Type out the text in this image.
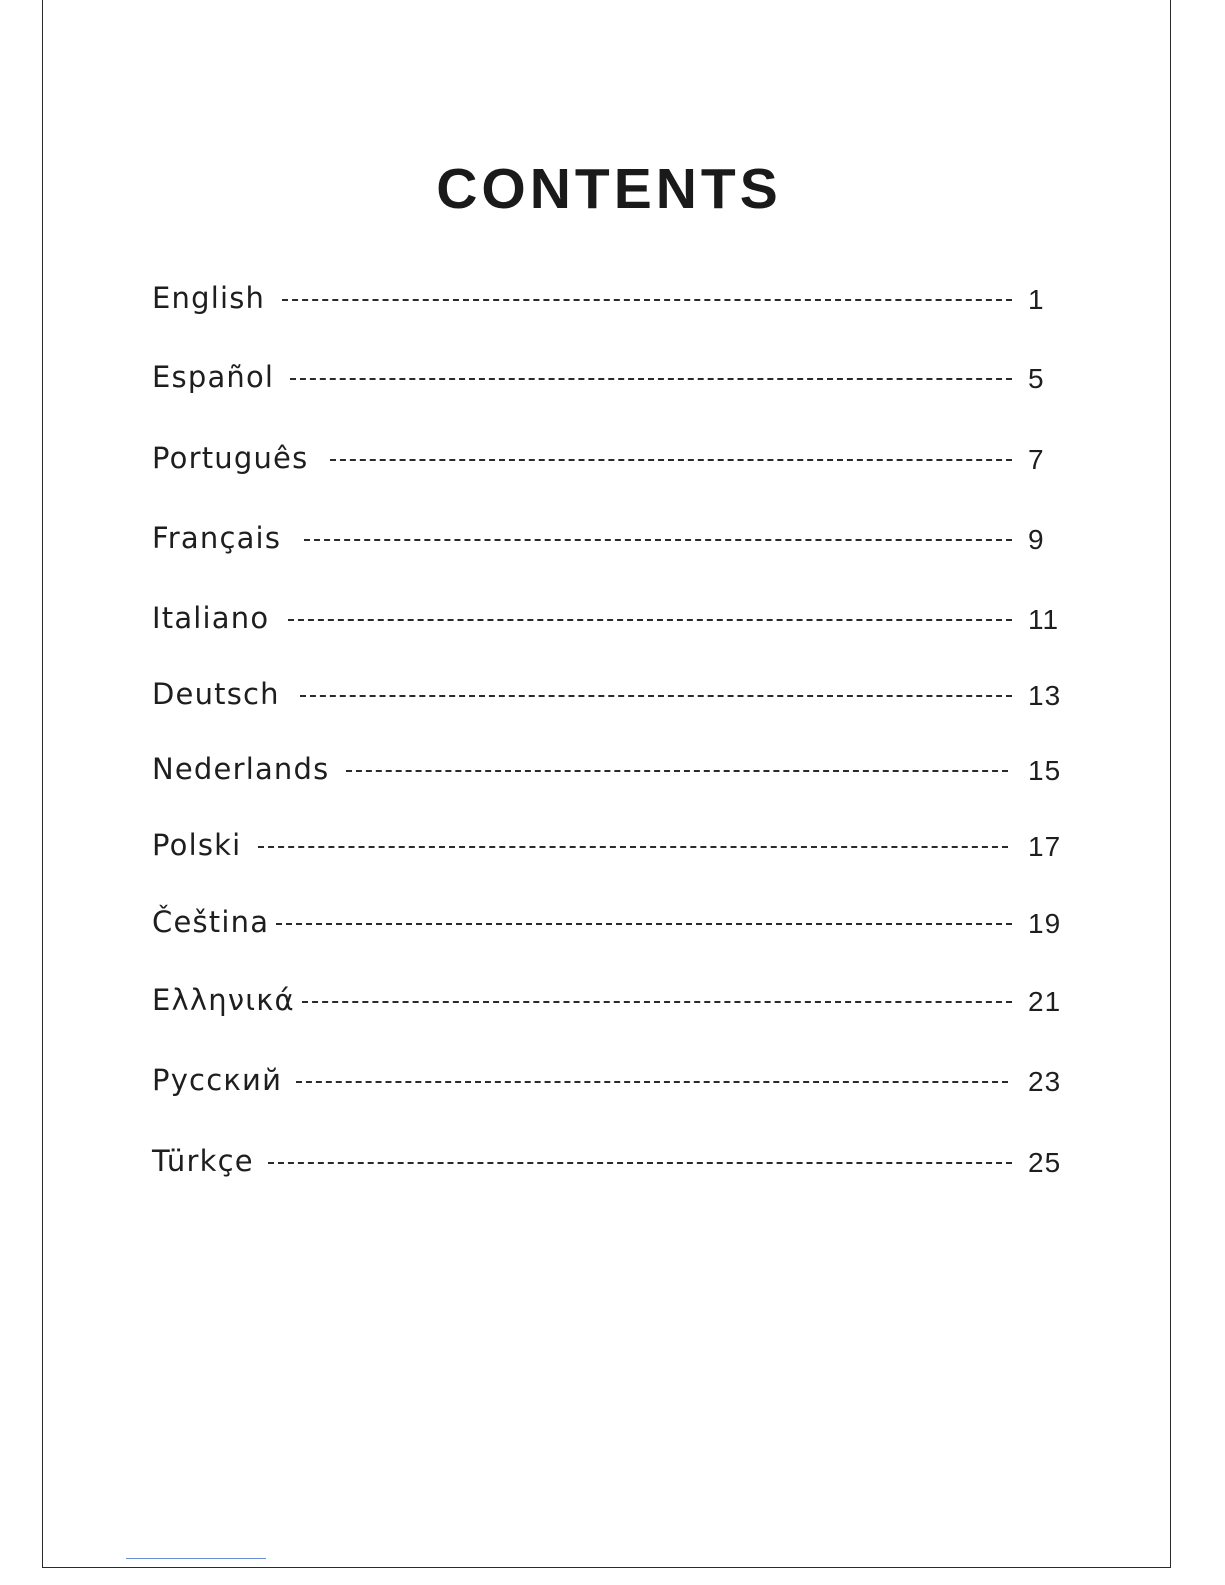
CONTENTS
English	1
Español	5
Português	7
Français	9
Italiano	11
Deutsch	13
Nederlands	15
Polski	17
Čeština	19
Ελληνικά	21
Русский	23
Türkçe	25
